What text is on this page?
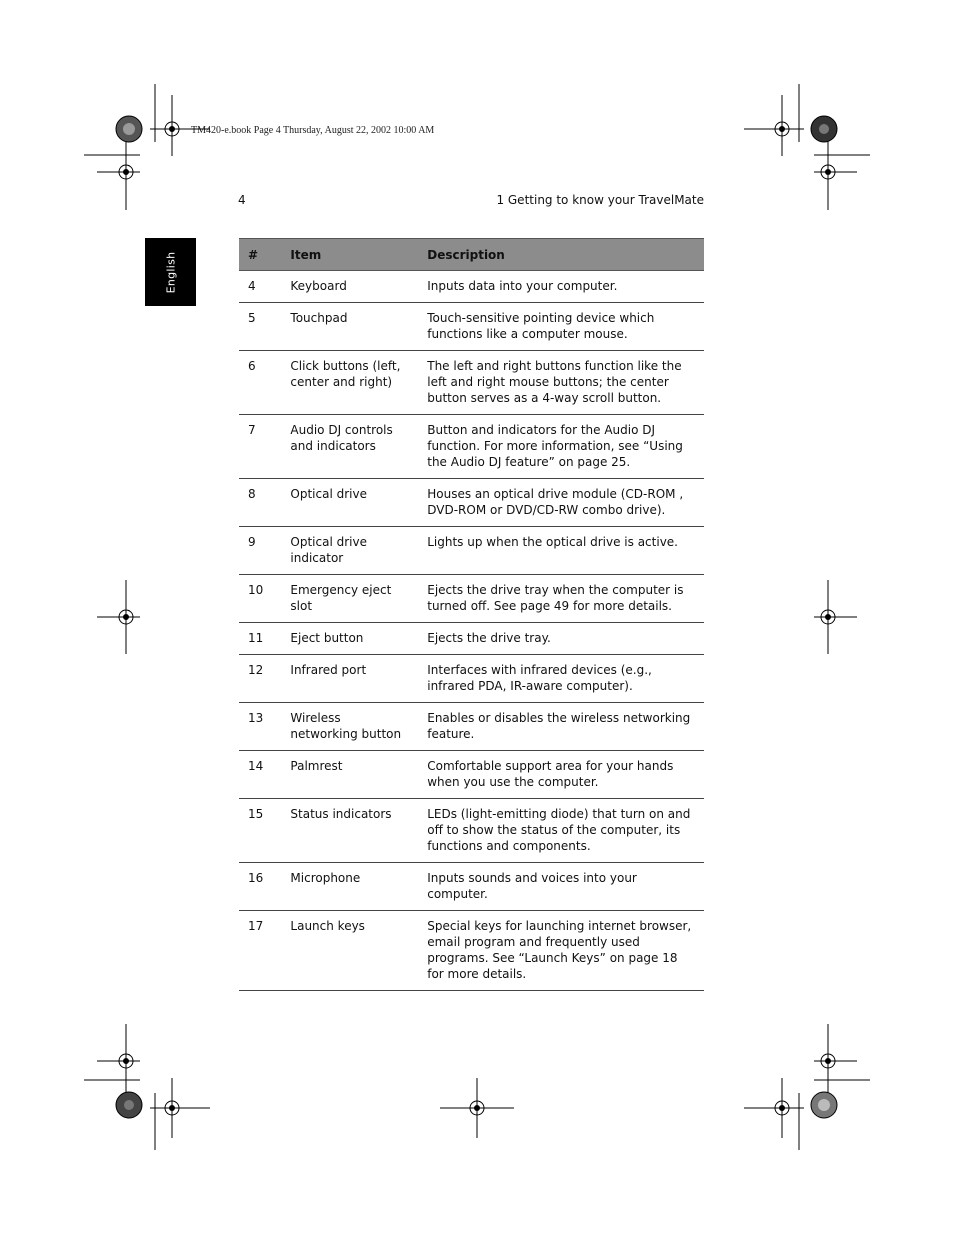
TM420-e.book Page 4 Thursday, August 22, 2002 10:00 AM
4	1 Getting to know your TravelMate
English	#	Item	Description
4	Keyboard	Inputs data into your computer.
5	Touchpad	Touch-sensitive pointing device which functions like a computer mouse.
6	Click buttons (left, center and right)	The left and right buttons function like the left and right mouse buttons; the center button serves as a 4-way scroll button.
7	Audio DJ controls and indicators	Button and indicators for the Audio DJ function. For more information, see “Using the Audio DJ feature” on page 25.
8	Optical drive	Houses an optical drive module (CD-ROM , DVD-ROM or DVD/CD-RW combo drive).
9	Optical drive indicator	Lights up when the optical drive is active.
10	Emergency eject slot	Ejects the drive tray when the computer is turned off. See page 49 for more details.
11	Eject button	Ejects the drive tray.
12	Infrared port	Interfaces with infrared devices (e.g., infrared PDA, IR-aware computer).
13	Wireless networking button	Enables or disables the wireless networking feature.
14	Palmrest	Comfortable support area for your hands when you use the computer.
15	Status indicators	LEDs (light-emitting diode) that turn on and off to show the status of the computer, its functions and components.
16	Microphone	Inputs sounds and voices into your computer.
17	Launch keys	Special keys for launching internet browser, email program and frequently used programs. See “Launch Keys” on page 18 for more details.
